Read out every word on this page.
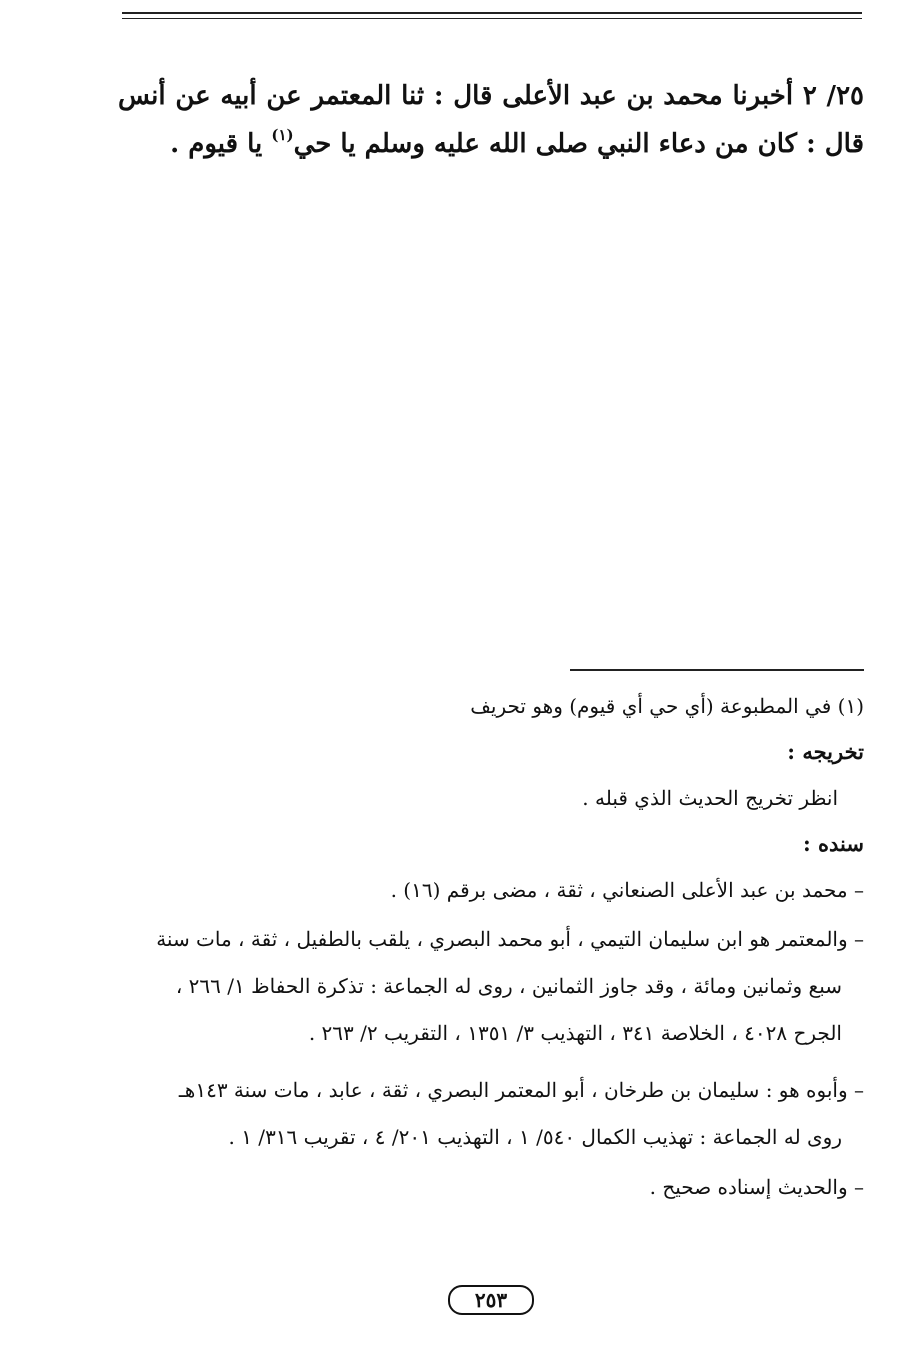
٢٥/ ٢ أخبرنا محمد بن عبد الأعلى قال : ثنا المعتمر عن أبيه عن أنس قال : كان من دعاء النبي صلى الله عليه وسلم يا حي$^{(١)}$ يا قيوم .

(١) في المطبوعة (أي حي أي قيوم) وهو تحريف

تخريجه :

انظر تخريج الحديث الذي قبله .

سنده :

– محمد بن عبد الأعلى الصنعاني ، ثقة ، مضى برقم (١٦) .

– والمعتمر هو ابن سليمان التيمي ، أبو محمد البصري ، يلقب بالطفيل ، ثقة ، مات سنة
سبع وثمانين ومائة ، وقد جاوز الثمانين ، روى له الجماعة : تذكرة الحفاظ ١/ ٢٦٦ ،
الجرح ٤٠٢٨ ، الخلاصة ٣٤١ ، التهذيب ٣/ ١٣٥١ ، التقريب ٢/ ٢٦٣ .

– وأبوه هو : سليمان بن طرخان ، أبو المعتمر البصري ، ثقة ، عابد ، مات سنة ١٤٣هـ
روى له الجماعة : تهذيب الكمال ٥٤٠/ ١ ، التهذيب ٢٠١/ ٤ ، تقريب ٣١٦/ ١ .

– والحديث إسناده صحيح .

٢٥٣
